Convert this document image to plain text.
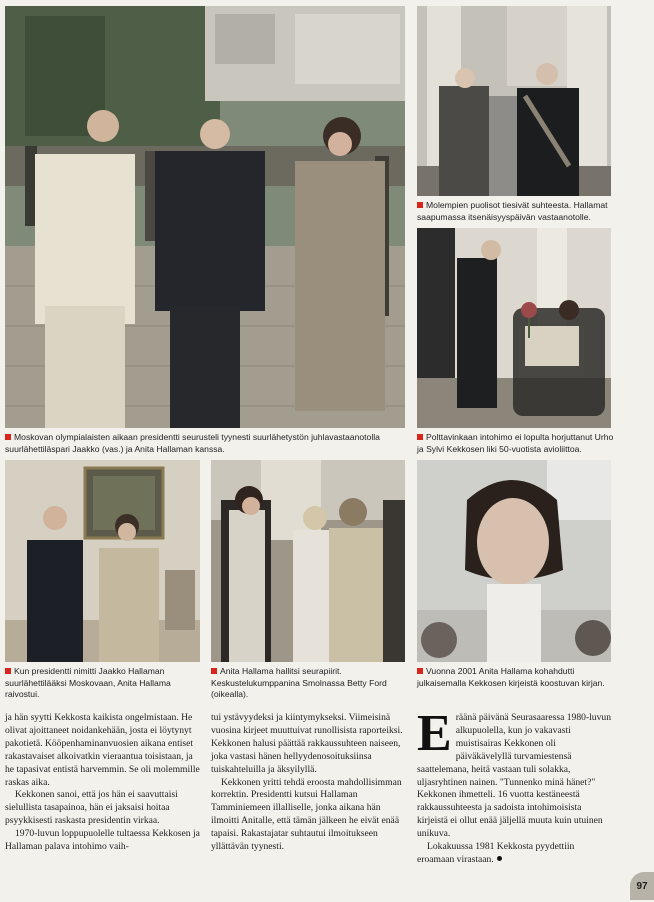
Moskovan olympialaisten aikaan presidentti seurusteli tyynesti suurlähetystön juhlavastaanotolla suurlähettiläspari Jaakko (vas.) ja Anita Hallaman kanssa.
Molempien puolisot tiesivät suhteesta. Hallamat saapumassa itsenäisyyspäivän vastaanotolle.
Polttavinkaan intohimo ei lopulta horjuttanut Urho ja Sylvi Kekkosen liki 50-vuotista avioliittoa.
Kun presidentti nimitti Jaakko Hallaman suurlähettilääksi Moskovaan, Anita Hallama raivostui.
Anita Hallama hallitsi seurapiirit. Keskustelukumppanina Smolnassa Betty Ford (oikealla).
Vuonna 2001 Anita Hallama kohahdutti julkaisemalla Kekkosen kirjeistä koostuvan kirjan.

ja hän syytti Kekkosta kaikista ongelmistaan. He olivat ajoittaneet noidankehään, josta ei löytynyt pakotietä. Kööpenhaminanvuosien aikana entiset rakastavaiset alkoivatkin vieraantua toisistaan, ja he tapasivat entistä harvemmin. Se oli molemmille raskas aika.

Kekkonen sanoi, että jos hän ei saavuttaisi sielullista tasapainoa, hän ei jaksaisi hoitaa psyykkisesti raskasta presidentin virkaa.

1970-luvun loppupuolelle tultaessa Kekkosen ja Hallaman palava intohimo vaih-

tui ystävyydeksi ja kiintymykseksi. Viimeisinä vuosina kirjeet muuttuivat runollisista raporteiksi. Kekkonen halusi päättää rakkaussuhteen naiseen, joka vastasi hänen hellyydenosoituksiinsa tuiskahteluilla ja äksyilyllä.

Kekkonen yritti tehdä eroosta mahdollisimman korrektin. Presidentti kutsui Hallaman Tamminiemeen illalliselle, jonka aikana hän ilmoitti Anitalle, että tämän jälkeen he eivät enää tapaisi. Rakastajatar suhtautui ilmoitukseen yllättävän tyynesti.

Eräänä päivänä Seurasaaressa 1980-luvun alkupuolella, kun jo vakavasti muistisairas Kekkonen oli päiväkävelyllä turvamiestensä saattelemana, heitä vastaan tuli solakka, uljasryhtinen nainen. "Tunnenko minä hänet?" Kekkonen ihmetteli. 16 vuotta kestäneestä rakkaussuhteesta ja sadoista intohimoisista kirjeistä ei ollut enää jäljellä muuta kuin utuinen unikuva.

Lokakuussa 1981 Kekkosta pyydettiin eroamaan virastaan.

97
